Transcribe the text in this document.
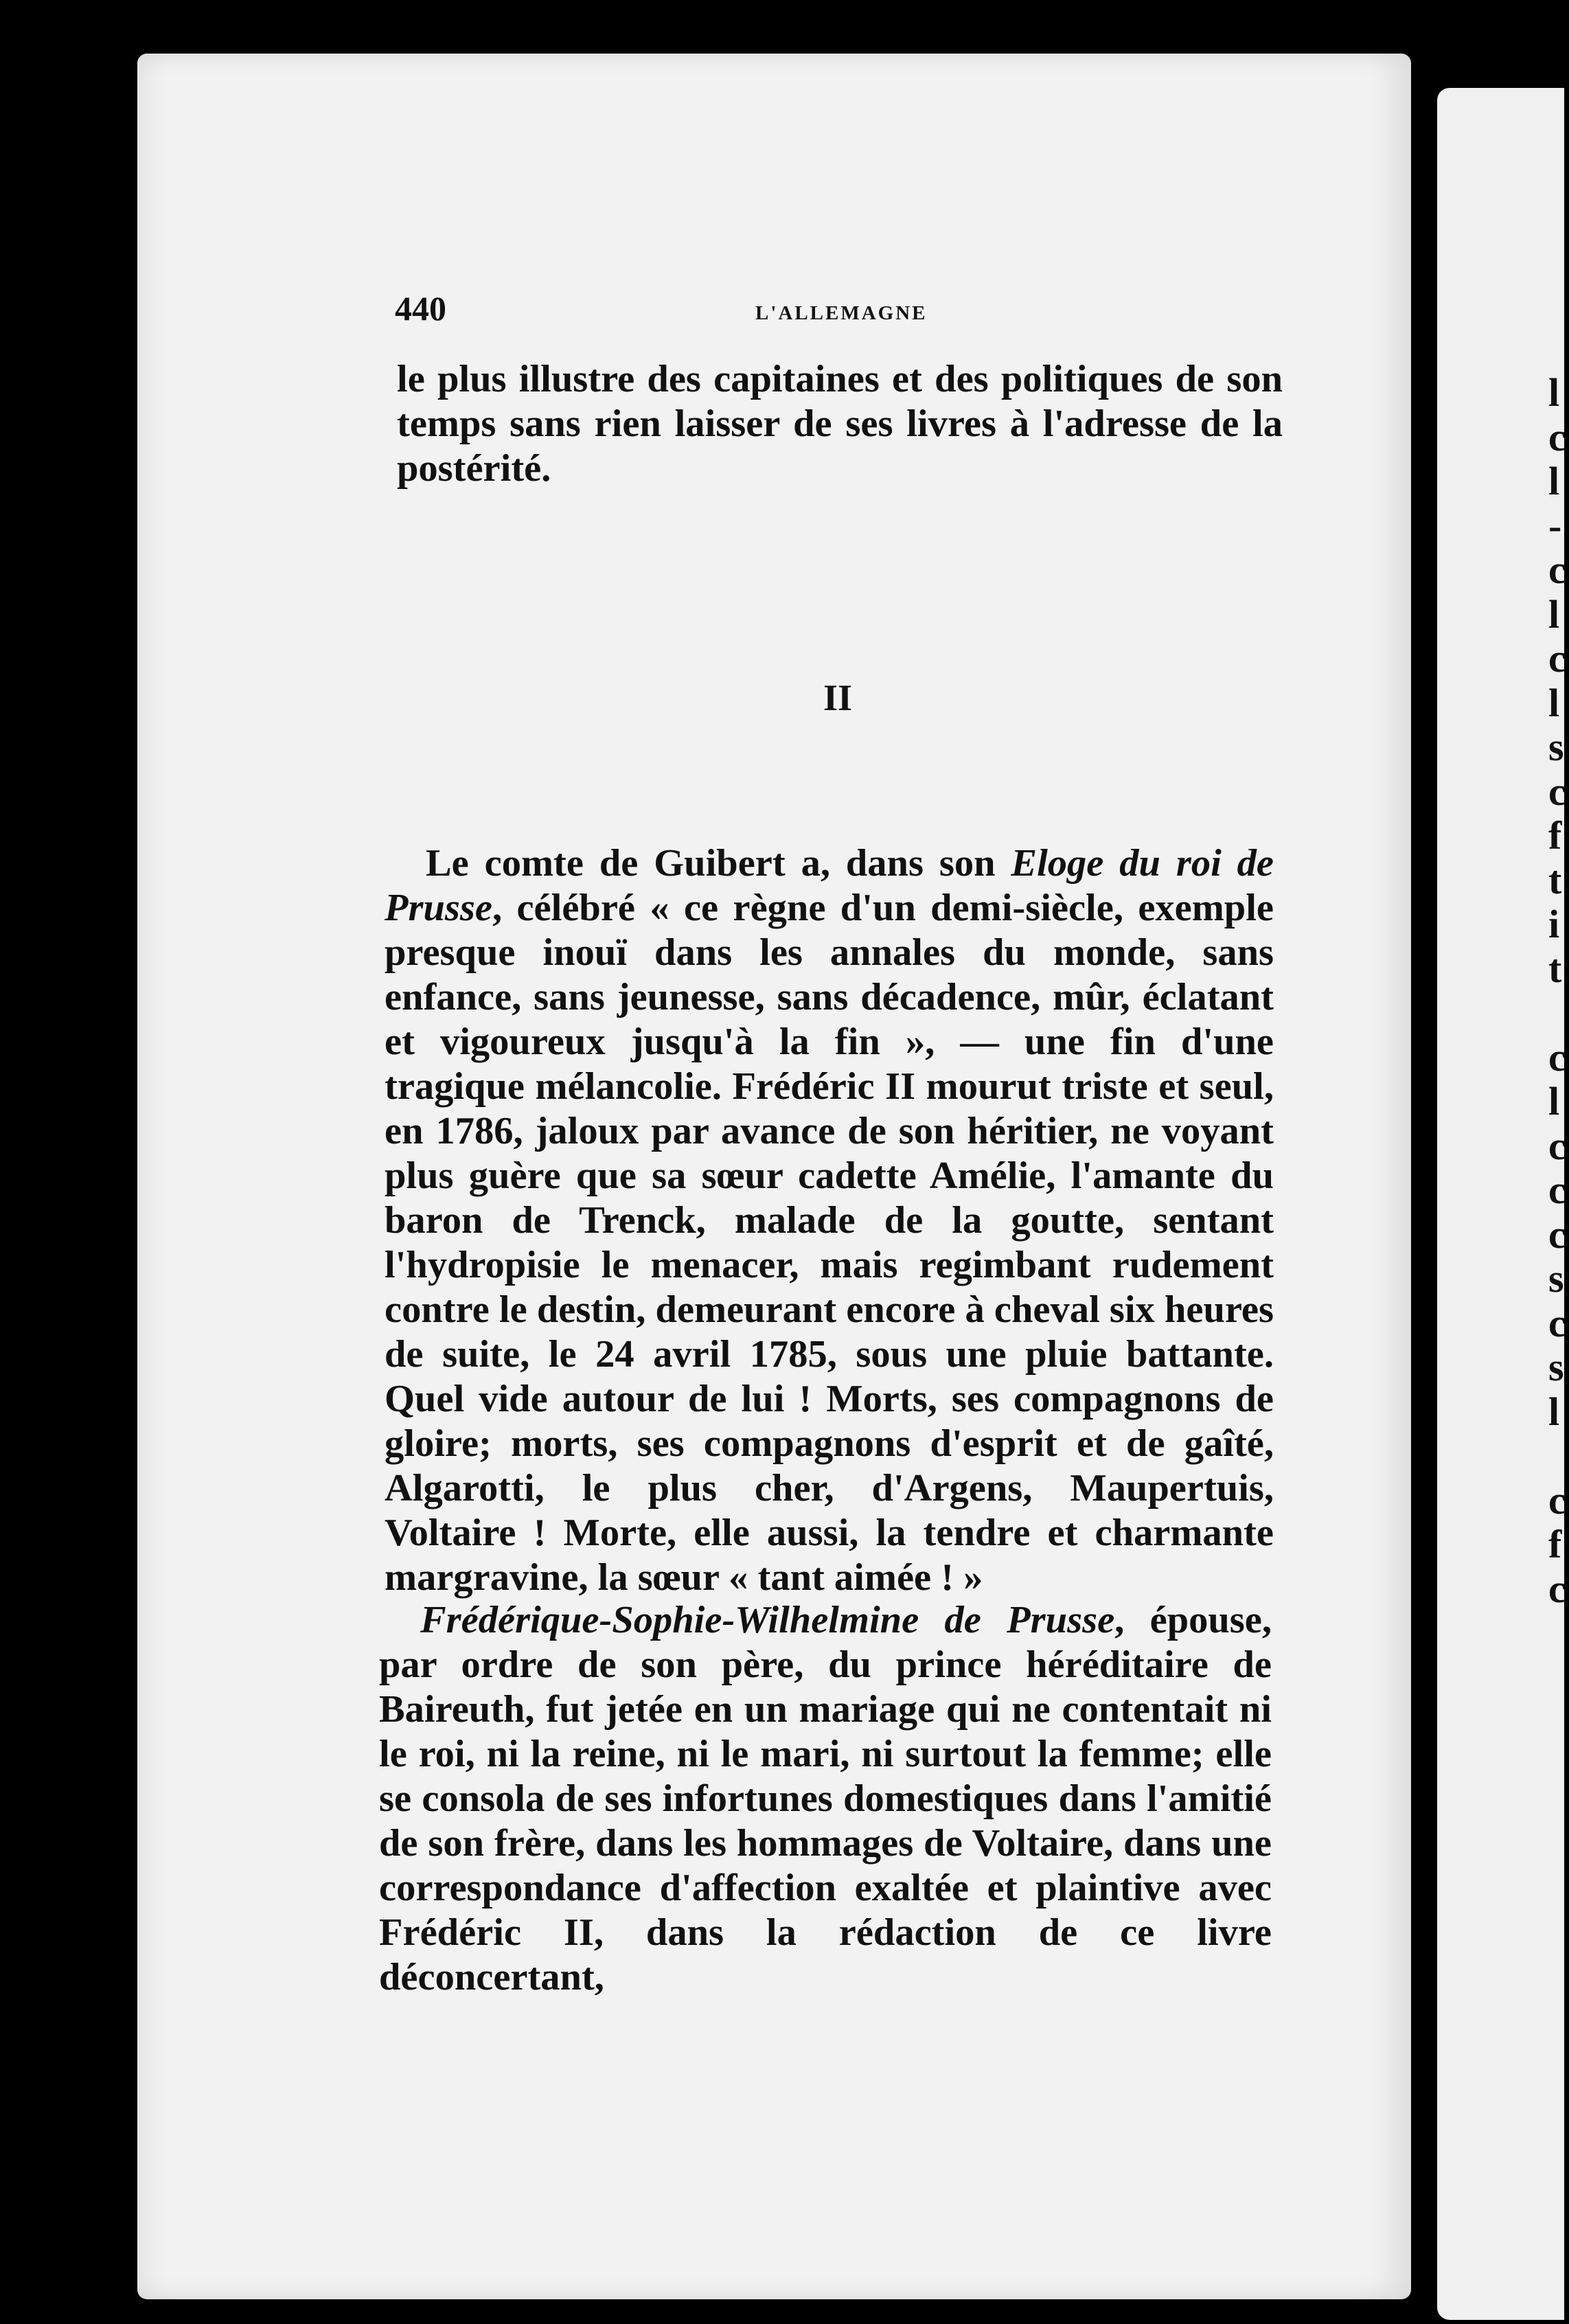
l
c
l
-
c
l
c
l
s
c
f
t
i
t

c
l
c
c
c
s
c
s
l

c
f
c
440	L'ALLEMAGNE

le plus illustre des capitaines et des politiques de son temps sans rien laisser de ses livres à l'adresse de la postérité.

II

Le comte de Guibert a, dans son Eloge du roi de Prusse, célébré « ce règne d'un demi-siècle, exemple presque inouï dans les annales du monde, sans enfance, sans jeunesse, sans décadence, mûr, éclatant et vigoureux jusqu'à la fin », — une fin d'une tragique mélancolie. Frédéric II mourut triste et seul, en 1786, jaloux par avance de son héritier, ne voyant plus guère que sa sœur cadette Amélie, l'amante du baron de Trenck, malade de la goutte, sentant l'hydropisie le menacer, mais regimbant rudement contre le destin, demeurant encore à cheval six heures de suite, le 24 avril 1785, sous une pluie battante. Quel vide autour de lui ! Morts, ses compagnons de gloire; morts, ses compagnons d'esprit et de gaîté, Algarotti, le plus cher, d'Argens, Maupertuis, Voltaire ! Morte, elle aussi, la tendre et charmante margravine, la sœur « tant aimée ! »

Frédérique-Sophie-Wilhelmine de Prusse, épouse, par ordre de son père, du prince héréditaire de Baireuth, fut jetée en un mariage qui ne contentait ni le roi, ni la reine, ni le mari, ni surtout la femme; elle se consola de ses infortunes domestiques dans l'amitié de son frère, dans les hommages de Voltaire, dans une correspondance d'affection exaltée et plaintive avec Frédéric II, dans la rédaction de ce livre déconcertant,
